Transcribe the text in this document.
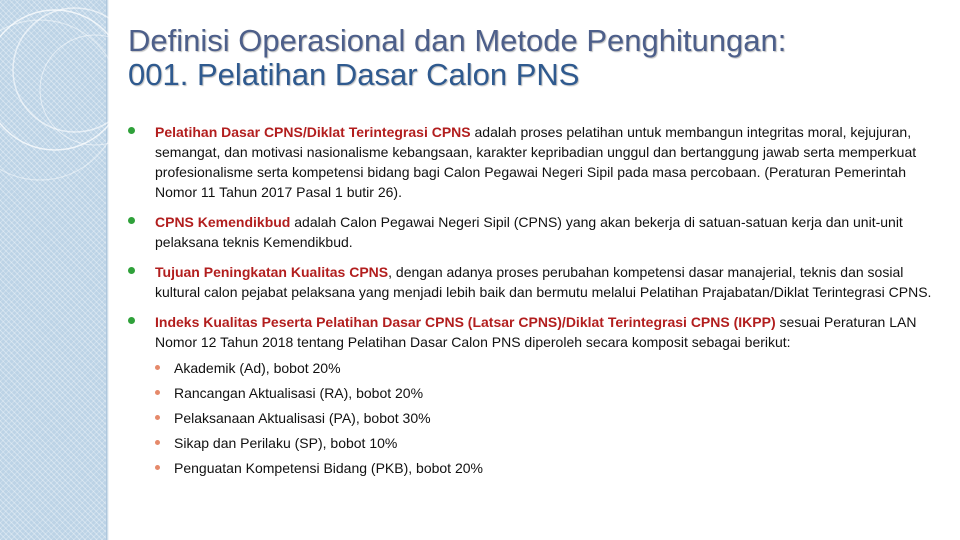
Definisi Operasional dan Metode Penghitungan:
001. Pelatihan Dasar Calon PNS
Pelatihan Dasar CPNS/Diklat Terintegrasi CPNS adalah proses pelatihan untuk membangun integritas moral, kejujuran, semangat, dan motivasi nasionalisme kebangsaan, karakter kepribadian unggul dan bertanggung jawab serta memperkuat profesionalisme serta kompetensi bidang bagi Calon Pegawai Negeri Sipil pada masa percobaan. (Peraturan Pemerintah Nomor 11 Tahun 2017 Pasal 1 butir 26).
CPNS Kemendikbud adalah Calon Pegawai Negeri Sipil (CPNS) yang akan bekerja di satuan-satuan kerja dan unit-unit pelaksana teknis Kemendikbud.
Tujuan Peningkatan Kualitas CPNS, dengan adanya proses perubahan kompetensi dasar manajerial, teknis dan sosial kultural calon pejabat pelaksana yang menjadi lebih baik dan bermutu melalui Pelatihan Prajabatan/Diklat Terintegrasi CPNS.
Indeks Kualitas Peserta Pelatihan Dasar CPNS (Latsar CPNS)/Diklat Terintegrasi CPNS (IKPP) sesuai Peraturan LAN Nomor 12 Tahun 2018 tentang Pelatihan Dasar Calon PNS diperoleh secara komposit sebagai berikut:
Akademik (Ad), bobot 20%
Rancangan Aktualisasi (RA), bobot 20%
Pelaksanaan Aktualisasi (PA), bobot 30%
Sikap dan Perilaku (SP), bobot 10%
Penguatan Kompetensi Bidang (PKB), bobot 20%
